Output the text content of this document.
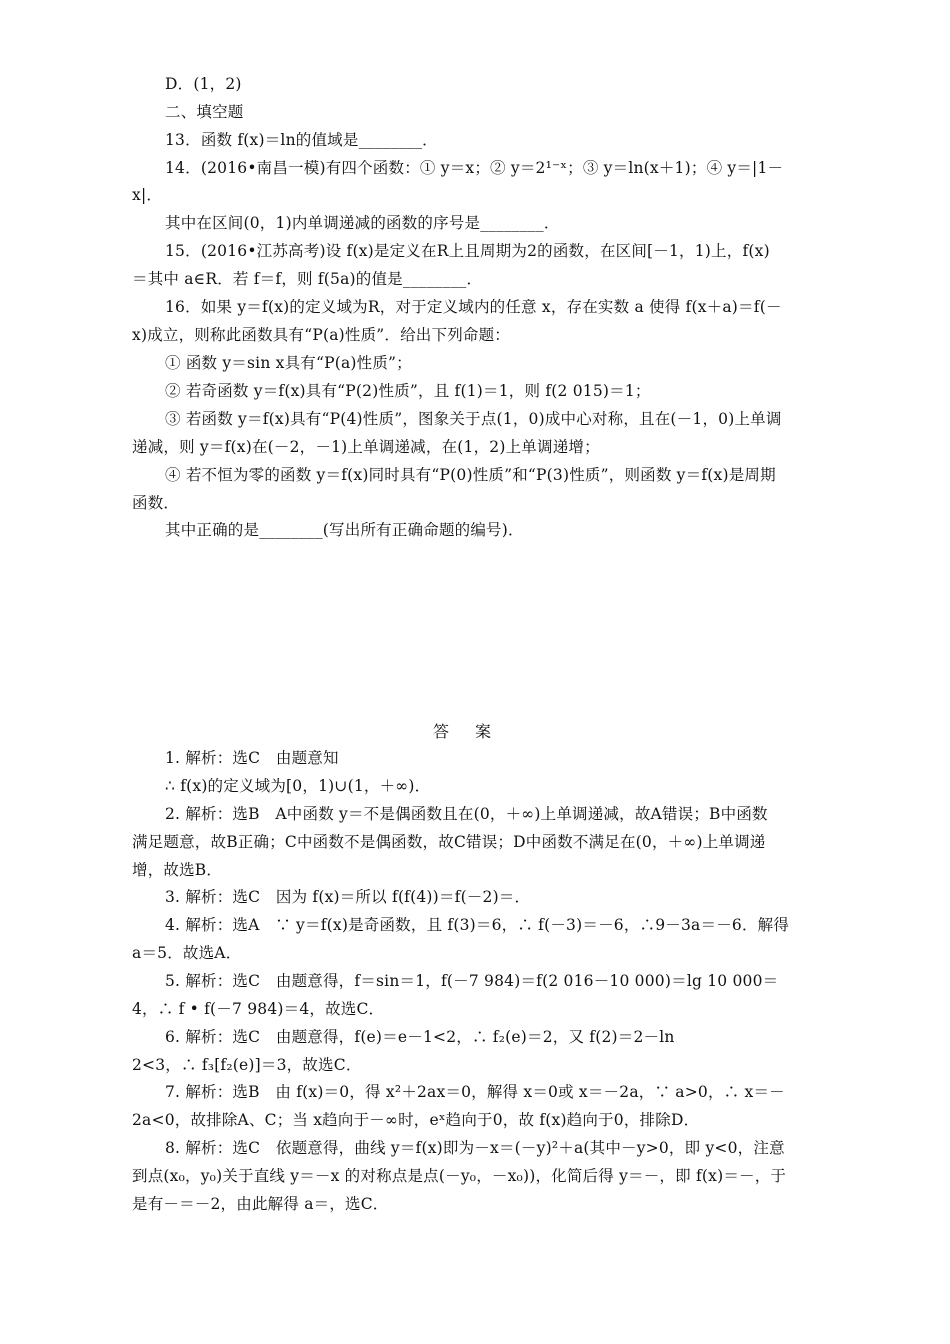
D．(1，2)
二、填空题
13．函数 f(x)＝ln的值域是________．
14．(2016•南昌一模)有四个函数：① y＝x；② y＝2¹⁻ˣ；③ y＝ln(x＋1)；④ y＝|1－
x|．
其中在区间(0，1)内单调递减的函数的序号是________．
15．(2016•江苏高考)设 f(x)是定义在R上且周期为2的函数，在区间[－1，1)上，f(x)
＝其中 a∈R．若 f＝f，则 f(5a)的值是________．
16．如果 y＝f(x)的定义域为R，对于定义域内的任意 x，存在实数 a 使得 f(x＋a)＝f(－
x)成立，则称此函数具有“P(a)性质”．给出下列命题：
① 函数 y＝sin x具有“P(a)性质”；
② 若奇函数 y＝f(x)具有“P(2)性质”，且 f(1)＝1，则 f(2 015)＝1；
③ 若函数 y＝f(x)具有“P(4)性质”，图象关于点(1，0)成中心对称，且在(－1，0)上单调
递减，则 y＝f(x)在(－2，－1)上单调递减，在(1，2)上单调递增；
④ 若不恒为零的函数 y＝f(x)同时具有“P(0)性质”和“P(3)性质”，则函数 y＝f(x)是周期
函数．
其中正确的是________(写出所有正确命题的编号)．
答案
1. 解析：选C　由题意知
∴ f(x)的定义域为[0，1)∪(1，＋∞)．
2. 解析：选B　A中函数 y＝不是偶函数且在(0，＋∞)上单调递减，故A错误；B中函数
满足题意，故B正确；C中函数不是偶函数，故C错误；D中函数不满足在(0，＋∞)上单调递
增，故选B．
3. 解析：选C　因为 f(x)＝所以 f(f(4))＝f(－2)＝．
4. 解析：选A　∵ y＝f(x)是奇函数，且 f(3)＝6，∴ f(－3)＝－6，∴9－3a＝－6．解得
a＝5．故选A．
5. 解析：选C　由题意得，f＝sin＝1，f(－7 984)＝f(2 016－10 000)＝lg 10 000＝
4，∴ f • f(－7 984)＝4，故选C．
6. 解析：选C　由题意得，f(e)＝e－1<2，∴ f₂(e)＝2，又 f(2)＝2－ln
2<3，∴ f₃[f₂(e)]＝3，故选C．
7. 解析：选B　由 f(x)＝0，得 x²＋2ax＝0，解得 x＝0或 x＝－2a，∵ a>0，∴ x＝－
2a<0，故排除A、C；当 x趋向于－∞时，eˣ趋向于0，故 f(x)趋向于0，排除D．
8. 解析：选C　依题意得，曲线 y＝f(x)即为－x＝(－y)²＋a(其中－y>0，即 y<0，注意
到点(x₀，y₀)关于直线 y＝－x 的对称点是点(－y₀，－x₀))，化简后得 y＝－，即 f(x)＝－，于
是有－＝－2，由此解得 a＝，选C．
